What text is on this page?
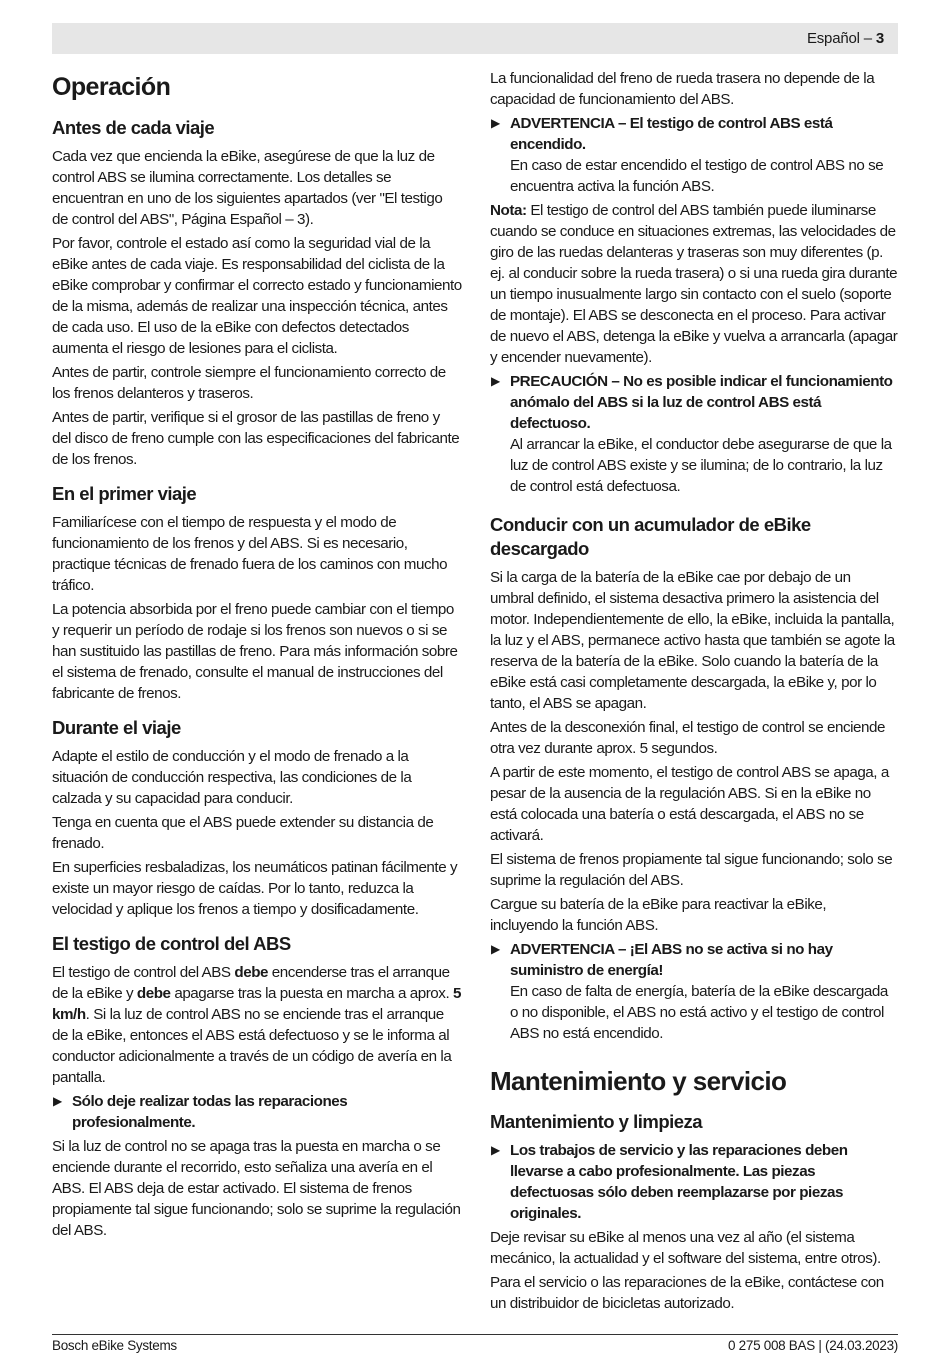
Español – 3
Operación
Antes de cada viaje

Cada vez que encienda la eBike, asegúrese de que la luz de control ABS se ilumina correctamente. Los detalles se encuentran en uno de los siguientes apartados (ver "El testigo de control del ABS", Página Español – 3).

Por favor, controle el estado así como la seguridad vial de la eBike antes de cada viaje. Es responsabilidad del ciclista de la eBike comprobar y confirmar el correcto estado y funcionamiento de la misma, además de realizar una inspección técnica, antes de cada uso. El uso de la eBike con defectos detectados aumenta el riesgo de lesiones para el ciclista.

Antes de partir, controle siempre el funcionamiento correcto de los frenos delanteros y traseros.

Antes de partir, verifique si el grosor de las pastillas de freno y del disco de freno cumple con las especificaciones del fabricante de los frenos.

En el primer viaje

Familiarícese con el tiempo de respuesta y el modo de funcionamiento de los frenos y del ABS. Si es necesario, practique técnicas de frenado fuera de los caminos con mucho tráfico.

La potencia absorbida por el freno puede cambiar con el tiempo y requerir un período de rodaje si los frenos son nuevos o si se han sustituido las pastillas de freno. Para más información sobre el sistema de frenado, consulte el manual de instrucciones del fabricante de frenos.

Durante el viaje

Adapte el estilo de conducción y el modo de frenado a la situación de conducción respectiva, las condiciones de la calzada y su capacidad para conducir.

Tenga en cuenta que el ABS puede extender su distancia de frenado.

En superficies resbaladizas, los neumáticos patinan fácilmente y existe un mayor riesgo de caídas. Por lo tanto, reduzca la velocidad y aplique los frenos a tiempo y dosificadamente.

El testigo de control del ABS

El testigo de control del ABS debe encenderse tras el arranque de la eBike y debe apagarse tras la puesta en marcha a aprox. 5 km/h. Si la luz de control ABS no se enciende tras el arranque de la eBike, entonces el ABS está defectuoso y se le informa al conductor adicionalmente a través de un código de avería en la pantalla.

▶ Sólo deje realizar todas las reparaciones profesionalmente.

Si la luz de control no se apaga tras la puesta en marcha o se enciende durante el recorrido, esto señaliza una avería en el ABS. El ABS deja de estar activado. El sistema de frenos propiamente tal sigue funcionando; solo se suprime la regulación del ABS.

La funcionalidad del freno de rueda trasera no depende de la capacidad de funcionamiento del ABS.

▶ ADVERTENCIA – El testigo de control ABS está encendido.
En caso de estar encendido el testigo de control ABS no se encuentra activa la función ABS.

Nota: El testigo de control del ABS también puede iluminarse cuando se conduce en situaciones extremas, las velocidades de giro de las ruedas delanteras y traseras son muy diferentes (p. ej. al conducir sobre la rueda trasera) o si una rueda gira durante un tiempo inusualmente largo sin contacto con el suelo (soporte de montaje). El ABS se desconecta en el proceso. Para activar de nuevo el ABS, detenga la eBike y vuelva a arrancarla (apagar y encender nuevamente).

▶ PRECAUCIÓN – No es posible indicar el funcionamiento anómalo del ABS si la luz de control ABS está defectuoso.
Al arrancar la eBike, el conductor debe asegurarse de que la luz de control ABS existe y se ilumina; de lo contrario, la luz de control está defectuosa.
Conducir con un acumulador de eBike descargado

Si la carga de la batería de la eBike cae por debajo de un umbral definido, el sistema desactiva primero la asistencia del motor. Independientemente de ello, la eBike, incluida la pantalla, la luz y el ABS, permanece activo hasta que también se agote la reserva de la batería de la eBike. Solo cuando la batería de la eBike está casi completamente descargada, la eBike y, por lo tanto, el ABS se apagan.

Antes de la desconexión final, el testigo de control se enciende otra vez durante aprox. 5 segundos.

A partir de este momento, el testigo de control ABS se apaga, a pesar de la ausencia de la regulación ABS. Si en la eBike no está colocada una batería o está descargada, el ABS no se activará.

El sistema de frenos propiamente tal sigue funcionando; solo se suprime la regulación del ABS.

Cargue su batería de la eBike para reactivar la eBike, incluyendo la función ABS.

▶ ADVERTENCIA – ¡El ABS no se activa si no hay suministro de energía!
En caso de falta de energía, batería de la eBike descargada o no disponible, el ABS no está activo y el testigo de control ABS no está encendido.
Mantenimiento y servicio
Mantenimiento y limpieza
▶ Los trabajos de servicio y las reparaciones deben llevarse a cabo profesionalmente. Las piezas defectuosas sólo deben reemplazarse por piezas originales.

Deje revisar su eBike al menos una vez al año (el sistema mecánico, la actualidad y el software del sistema, entre otros).

Para el servicio o las reparaciones de la eBike, contáctese con un distribuidor de bicicletas autorizado.

Bosch eBike Systems	0 275 008 BAS | (24.03.2023)
